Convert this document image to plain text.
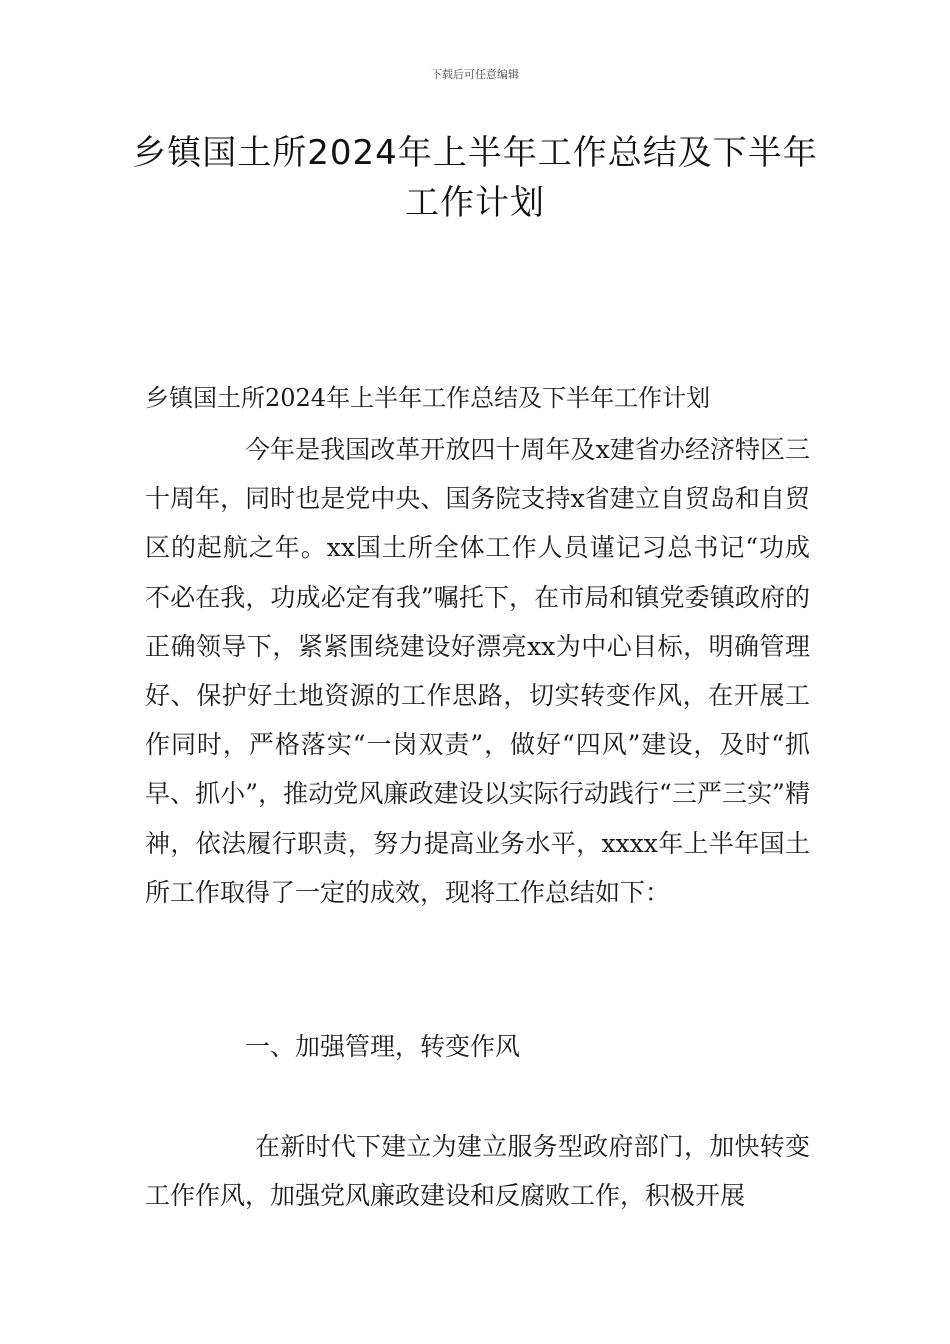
下载后可任意编辑
乡镇国土所2024年上半年工作总结及下半年工作计划
乡镇国土所2024年上半年工作总结及下半年工作计划
今年是我国改革开放四十周年及x建省办经济特区三十周年，同时也是党中央、国务院支持x省建立自贸岛和自贸区的起航之年。xx国土所全体工作人员谨记习总书记“功成不必在我，功成必定有我”嘱托下，在市局和镇党委镇政府的正确领导下，紧紧围绕建设好漂亮xx为中心目标，明确管理好、保护好土地资源的工作思路，切实转变作风，在开展工作同时，严格落实“一岗双责”，做好“四风”建设，及时“抓早、抓小”，推动党风廉政建设以实际行动践行“三严三实”精神，依法履行职责，努力提高业务水平，xxxx年上半年国土所工作取得了一定的成效，现将工作总结如下：
一、加强管理，转变作风
在新时代下建立为建立服务型政府部门，加快转变工作作风，加强党风廉政建设和反腐败工作，积极开展
